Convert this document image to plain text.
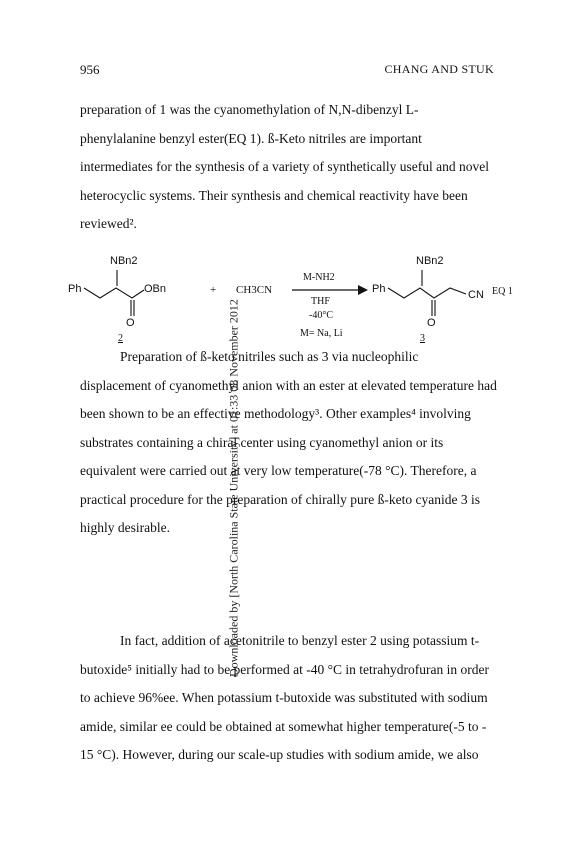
956	CHANG AND STUK
Downloaded by [North Carolina State University] at 01:33 08 November 2012
preparation of 1 was the cyanomethylation of N,N-dibenzyl L-
phenylalanine benzyl ester(EQ 1). ß-Keto nitriles are important
intermediates for the synthesis of a variety of synthetically useful and novel
heterocyclic systems. Their synthesis and chemical reactivity have been
reviewed².
NBn2
Ph	OBn
O
2
+ CH3CN
M-NH2
THF
-40°C
M= Na, Li
NBn2
Ph	CN
O
3
EQ 1
Preparation of ß-keto nitriles such as 3 via nucleophilic
displacement of cyanomethyl anion with an ester at elevated temperature had
been shown to be an effective methodology³. Other examples⁴ involving
substrates containing a chiral center using cyanomethyl anion or its
equivalent were carried out at very low temperature(-78 °C). Therefore, a
practical procedure for the preparation of chirally pure ß-keto cyanide 3 is
highly desirable.
In fact, addition of acetonitrile to benzyl ester 2 using potassium t-
butoxide⁵ initially had to be performed at -40 °C in tetrahydrofuran in order
to achieve 96%ee. When potassium t-butoxide was substituted with sodium
amide, similar ee could be obtained at somewhat higher temperature(-5 to -
15 °C). However, during our scale-up studies with sodium amide, we also
